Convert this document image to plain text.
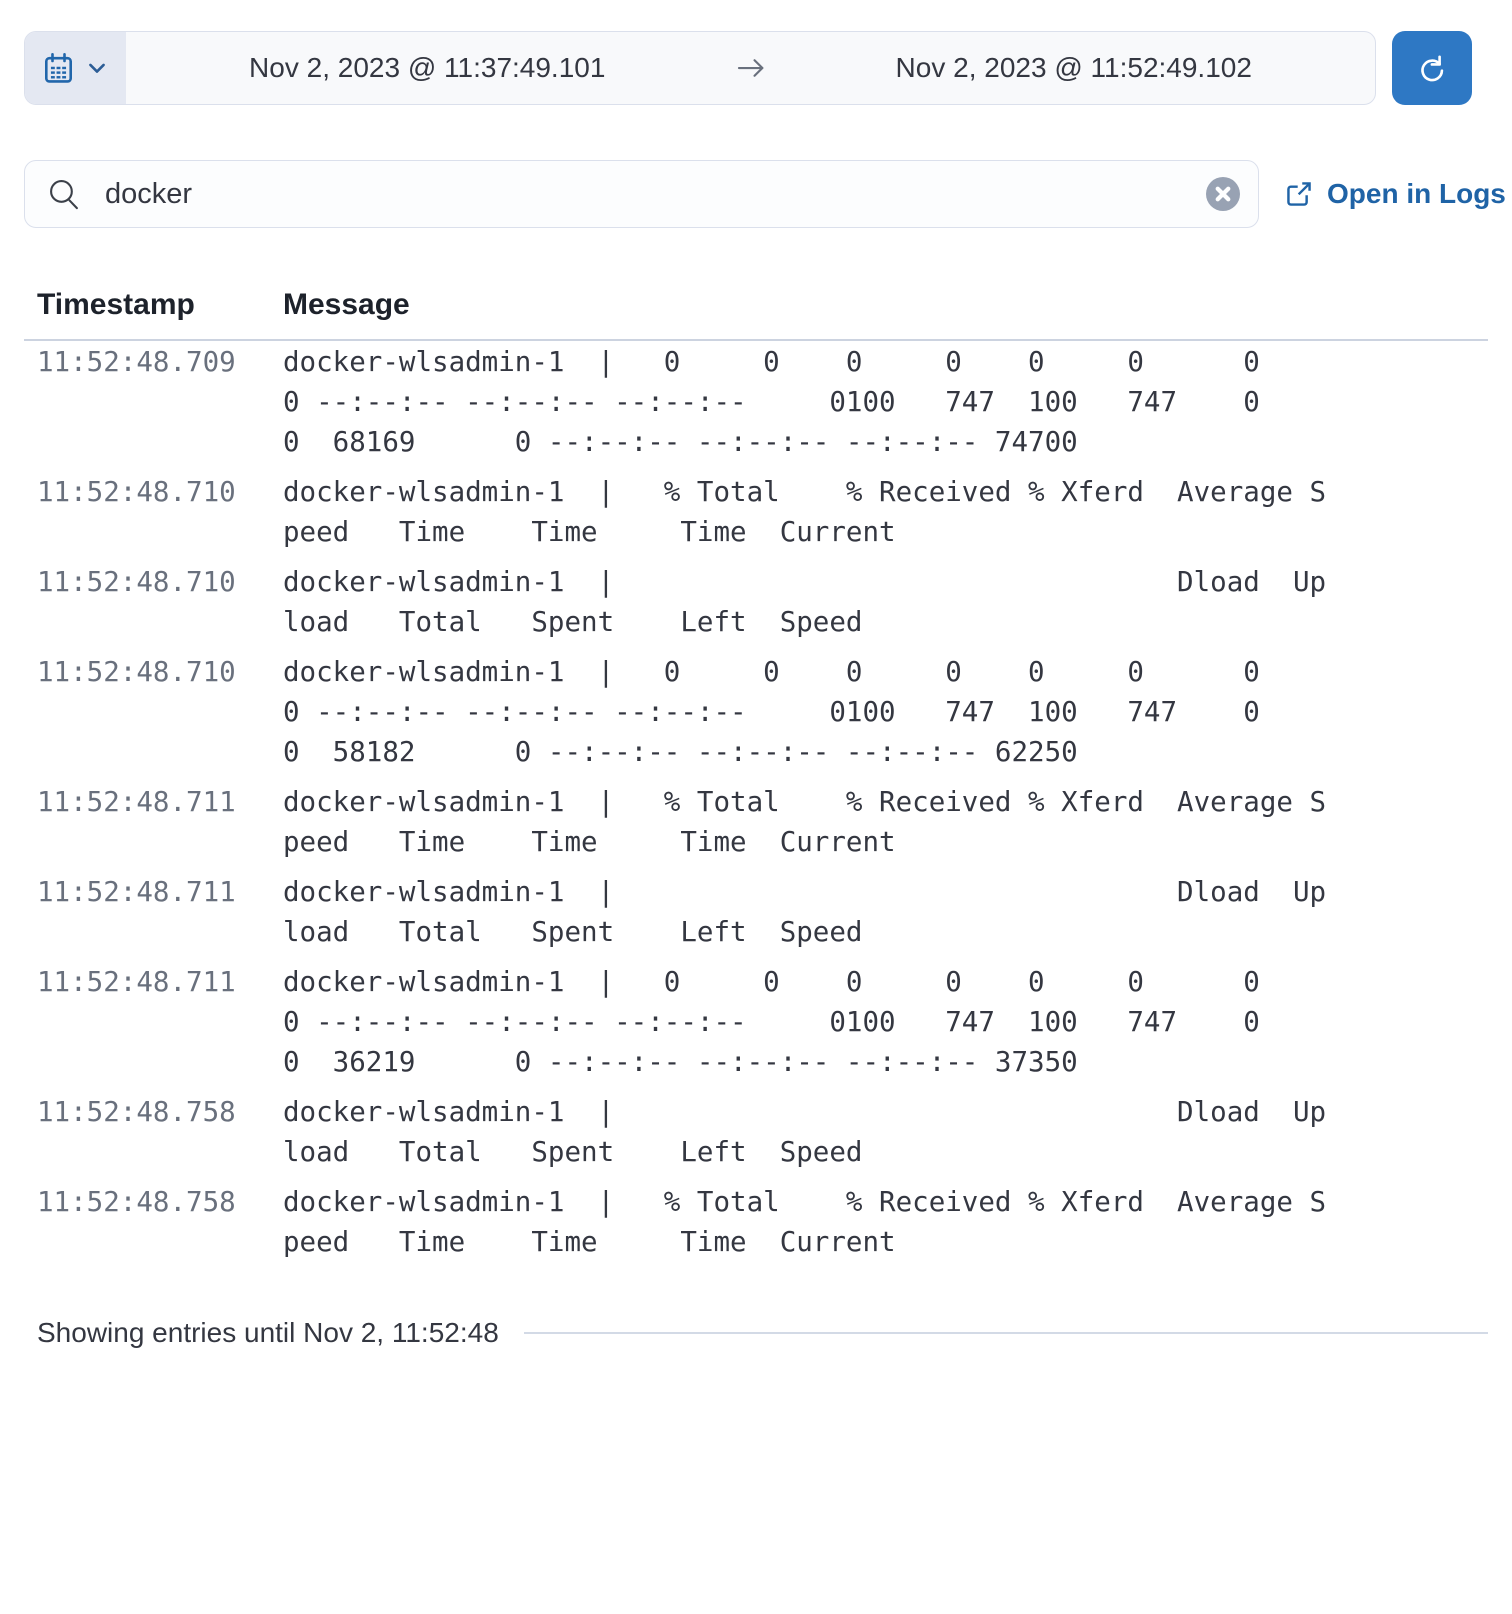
Nov 2, 2023 @ 11:37:49.101	Nov 2, 2023 @ 11:52:49.102
docker
Open in Logs
Timestamp	Message
11:52:48.709	docker-wlsadmin-1  |   0     0    0     0    0     0      0
0 --:--:-- --:--:-- --:--:--     0100   747  100   747    0
0  68169      0 --:--:-- --:--:-- --:--:-- 74700
11:52:48.710	docker-wlsadmin-1  |   % Total    % Received % Xferd  Average S
peed   Time    Time     Time  Current
11:52:48.710	docker-wlsadmin-1  |                                  Dload  Up
load   Total   Spent    Left  Speed
11:52:48.710	docker-wlsadmin-1  |   0     0    0     0    0     0      0
0 --:--:-- --:--:-- --:--:--     0100   747  100   747    0
0  58182      0 --:--:-- --:--:-- --:--:-- 62250
11:52:48.711	docker-wlsadmin-1  |   % Total    % Received % Xferd  Average S
peed   Time    Time     Time  Current
11:52:48.711	docker-wlsadmin-1  |                                  Dload  Up
load   Total   Spent    Left  Speed
11:52:48.711	docker-wlsadmin-1  |   0     0    0     0    0     0      0
0 --:--:-- --:--:-- --:--:--     0100   747  100   747    0
0  36219      0 --:--:-- --:--:-- --:--:-- 37350
11:52:48.758	docker-wlsadmin-1  |                                  Dload  Up
load   Total   Spent    Left  Speed
11:52:48.758	docker-wlsadmin-1  |   % Total    % Received % Xferd  Average S
peed   Time    Time     Time  Current
Showing entries until Nov 2, 11:52:48
